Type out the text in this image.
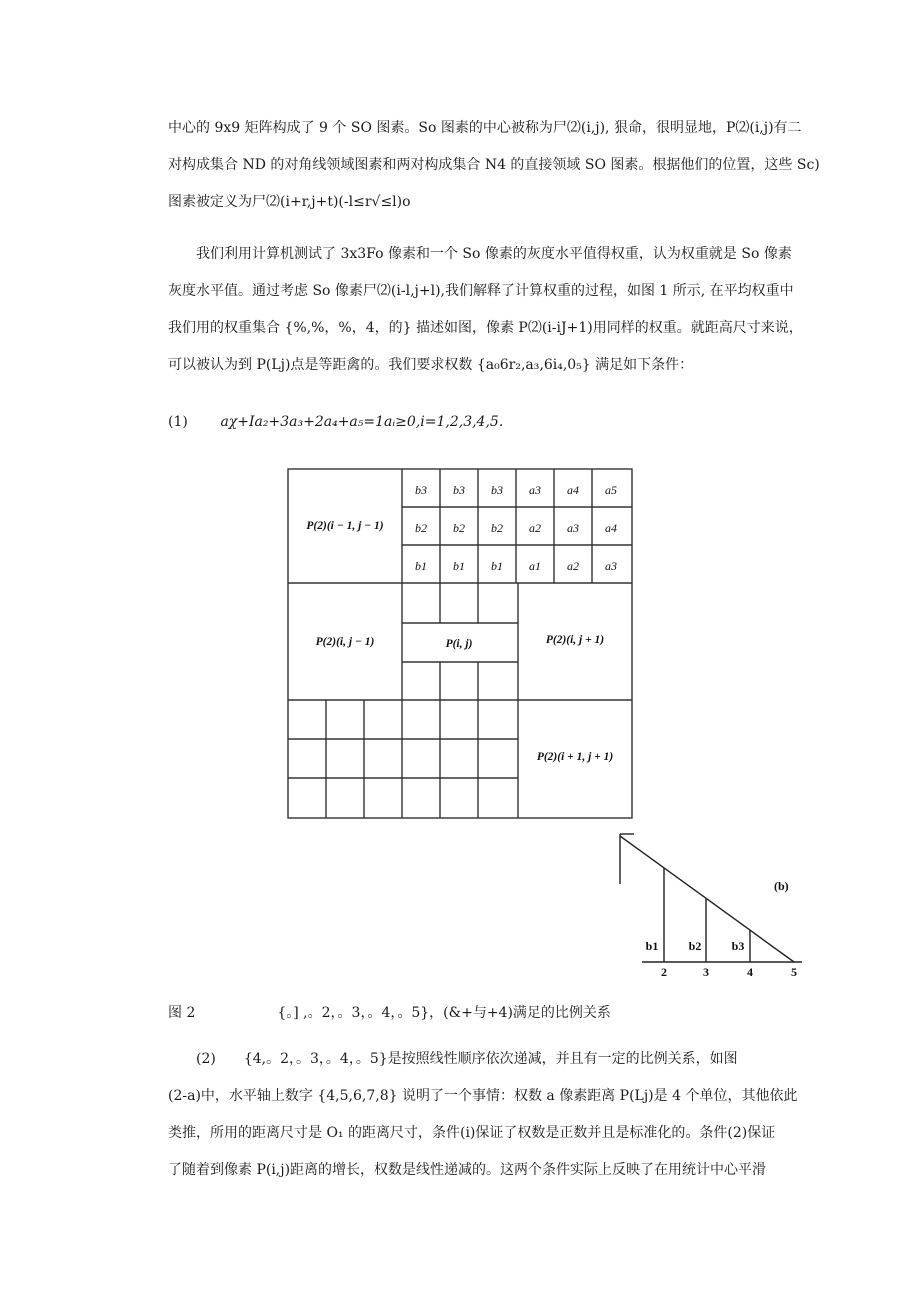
中心的 9x9 矩阵构成了 9 个 SO 图素。So 图素的中心被称为尸⑵(i,j), 狠命，很明显地，P⑵(i,j)有二
对构成集合 ND 的对角线领域图素和两对构成集合 N4 的直接领域 SO 图素。根据他们的位置，这些 Sc)
图素被定义为尸⑵(i+r,j+t)(-l≤r√≤l)o
我们利用计算机测试了 3x3Fo 像素和一个 So 像素的灰度水平值得权重，认为权重就是 So 像素
灰度水平值。通过考虑 So 像素尸⑵(i-l,j+l),我们解释了计算权重的过程，如图 1 所示, 在平均权重中
我们用的权重集合 {%,%，%，4，的} 描述如图，像素 P⑵(i-iJ+1)用同样的权重。就距高尺寸来说，
可以被认为到 P(Lj)点是等距禽的。我们要求权数 {a₀6r₂,a₃,6i₄,0₅} 满足如下条件：
(1) aχ+Ia₂+3a₃+2a₄+a₅=1aᵢ≥0,i=1,2,3,4,5.
b3 b3 b3 a3 a4 a5
b2 b2 b2 a2 a3 a4
b1 b1 b1 a1 a2 a3
P(2)(i − 1, j − 1)
P(2)(i, j − 1)	P(i, j)	P(2)(i, j + 1)
P(2)(i + 1, j + 1)
(b)
b1	b2	b3
2	3	4	5
图 2	{。] ,。2，。3，。4，。5}，(&+与+4)满足的比例关系
(2)　　{4,。2，。3，。4，。5}是按照线性顺序依次递减，并且有一定的比例关系，如图
(2-a)中，水平轴上数字 {4,5,6,7,8} 说明了一个事情：权数 a 像素距离 P(Lj)是 4 个单位，其他依此
类推，所用的距离尺寸是 O₁ 的距离尺寸，条件(i)保证了权数是正数并且是标准化的。条件(2)保证
了随着到像素 P(i,j)距离的增长，权数是线性递减的。这两个条件实际上反映了在用统计中心平滑
